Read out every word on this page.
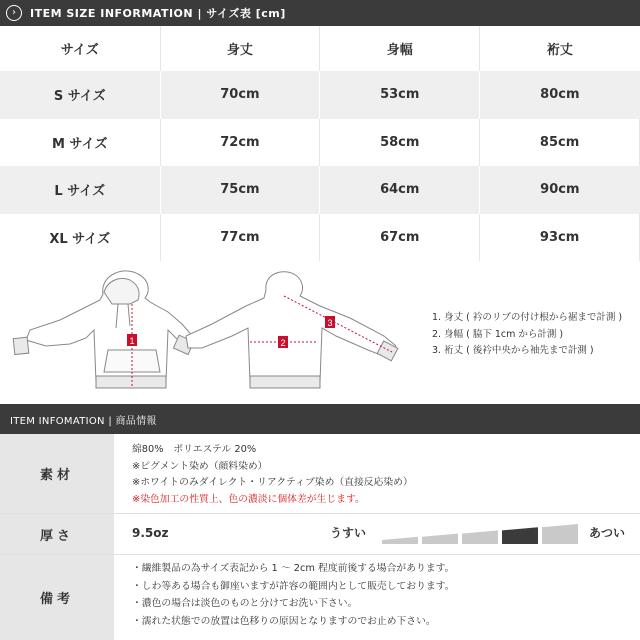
›	ITEM SIZE INFORMATION | サイズ表 [cm]
サイズ	身丈	身幅	裄丈
S サイズ	70cm	53cm	80cm
M サイズ	72cm	58cm	85cm
L サイズ	75cm	64cm	90cm
XL サイズ	77cm	67cm	93cm
1	2
3	1. 身丈 ( 衿のリブの付け根から裾まで計測 )
2. 身幅 ( 脇下 1cm から計測 )
3. 裄丈 ( 後衿中央から袖先まで計測 )
ITEM INFOMATION | 商品情報
素材
綿80%　ポリエステル 20%
※ピグメント染め（顔料染め）
※ホワイトのみダイレクト・リアクティブ染め（直接反応染め）
※染色加工の性質上、色の濃淡に個体差が生じます。
厚さ	9.5oz	うすい	あつい
備考
・繊維製品の為サイズ表記から 1 ～ 2cm 程度前後する場合があります。
・しわ等ある場合も御座いますが許容の範囲内として販売しております。
・濃色の場合は淡色のものと分けてお洗い下さい。
・濡れた状態での放置は色移りの原因となりますのでお止め下さい。
